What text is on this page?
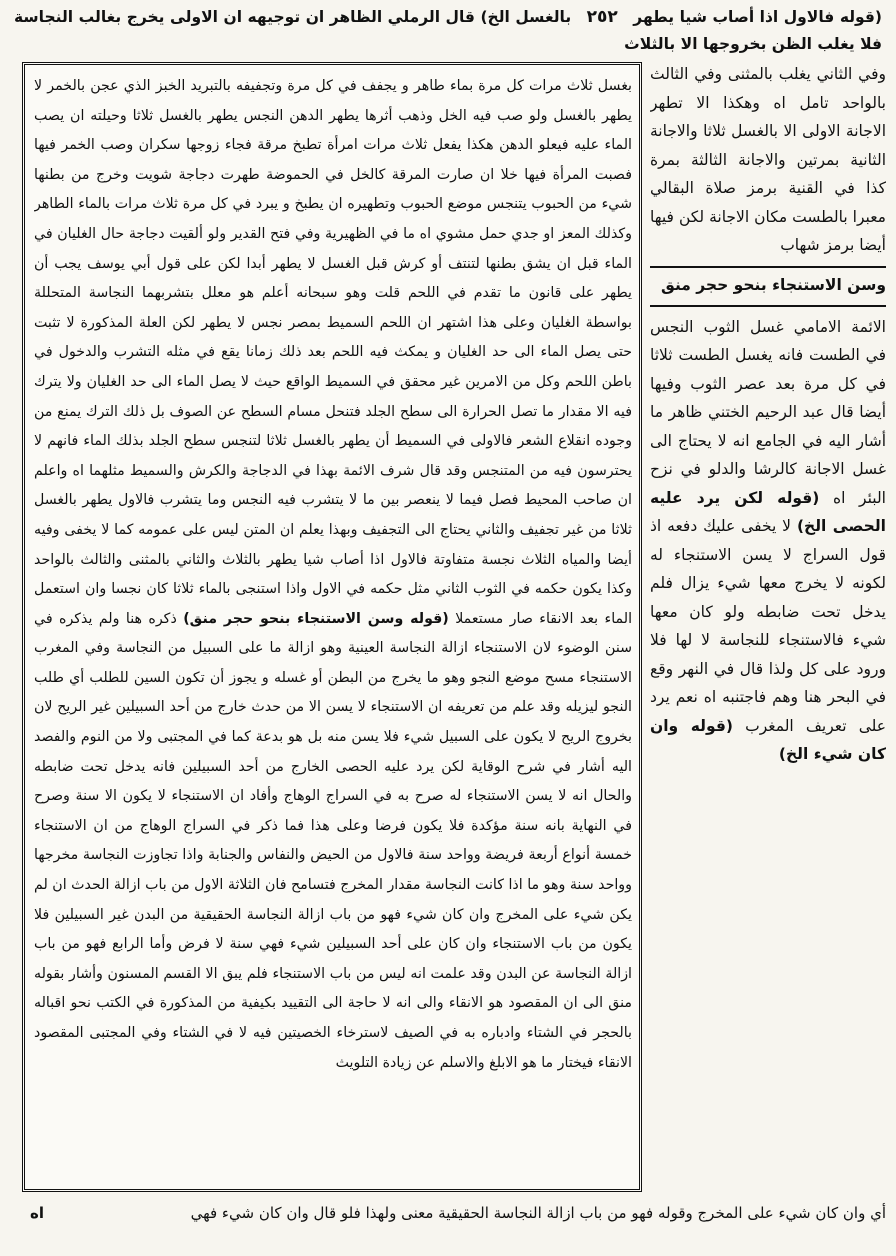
(قوله فالاول اذا أصاب شيا يطهر ٢٥٢ بالغسل الخ) قال الرملي الظاهر ان توجيهه ان الاولى يخرج بغالب النجاسة فلا يغلب الظن بخروجها الا بالثلاث

بغسل ثلاث مرات كل مرة بماء طاهر و يجفف في كل مرة وتجفيفه بالتبريد الخبز الذي عجن بالخمر لا يطهر بالغسل ولو صب فيه الخل وذهب أثرها يطهر الدهن النجس يطهر بالغسل ثلاثا وحيلته ان يصب الماء عليه فيعلو الدهن هكذا يفعل ثلاث مرات امرأة تطبخ مرقة فجاء زوجها سكران وصب الخمر فيها فصبت المرأة فيها خلا ان صارت المرقة كالخل في الحموضة طهرت دجاجة شويت وخرج من بطنها شيء من الحبوب يتنجس موضع الحبوب وتطهيره ان يطبخ و يبرد في كل مرة ثلاث مرات بالماء الطاهر وكذلك المعز او جدي حمل مشوي اه ما في الظهيرية وفي فتح القدير ولو ألقيت دجاجة حال الغليان في الماء قبل ان يشق بطنها لتنتف أو كرش قبل الغسل لا يطهر أبدا لكن على قول أبي يوسف يجب أن يطهر على قانون ما تقدم في اللحم قلت وهو سبحانه أعلم هو معلل بتشربهما النجاسة المتحللة بواسطة الغليان وعلى هذا اشتهر ان اللحم السميط بمصر نجس لا يطهر لكن العلة المذكورة لا تثبت حتى يصل الماء الى حد الغليان و يمكث فيه اللحم بعد ذلك زمانا يقع في مثله التشرب والدخول في باطن اللحم وكل من الامرين غير محقق في السميط الواقع حيث لا يصل الماء الى حد الغليان ولا يترك فيه الا مقدار ما تصل الحرارة الى سطح الجلد فتنحل مسام السطح عن الصوف بل ذلك الترك يمنع من وجوده انقلاع الشعر فالاولى في السميط أن يطهر بالغسل ثلاثا لتنجس سطح الجلد بذلك الماء فانهم لا يحترسون فيه من المتنجس وقد قال شرف الائمة بهذا في الدجاجة والكرش والسميط مثلهما اه واعلم ان صاحب المحيط فصل فيما لا ينعصر بين ما لا يتشرب فيه النجس وما يتشرب فالاول يطهر بالغسل ثلاثا من غير تجفيف والثاني يحتاج الى التجفيف وبهذا يعلم ان المتن ليس على عمومه كما لا يخفى وفيه أيضا والمياه الثلاث نجسة متفاوتة فالاول اذا أصاب شيا يطهر بالثلاث والثاني بالمثنى والثالث بالواحد وكذا يكون حكمه في الثوب الثاني مثل حكمه في الاول واذا استنجى بالماء ثلاثا كان نجسا وان استعمل الماء بعد الانقاء صار مستعملا (قوله وسن الاستنجاء بنحو حجر منق) ذكره هنا ولم يذكره في سنن الوضوء لان الاستنجاء ازالة النجاسة العينية وهو ازالة ما على السبيل من النجاسة وفي المغرب الاستنجاء مسح موضع النجو وهو ما يخرج من البطن أو غسله و يجوز أن تكون السين للطلب أي طلب النجو ليزيله وقد علم من تعريفه ان الاستنجاء لا يسن الا من حدث خارج من أحد السبيلين غير الريح لان بخروج الريح لا يكون على السبيل شيء فلا يسن منه بل هو بدعة كما في المجتبى ولا من النوم والفصد اليه أشار في شرح الوقاية لكن يرد عليه الحصى الخارج من أحد السبيلين فانه يدخل تحت ضابطه والحال انه لا يسن الاستنجاء له صرح به في السراج الوهاج وأفاد ان الاستنجاء لا يكون الا سنة وصرح في النهاية بانه سنة مؤكدة فلا يكون فرضا وعلى هذا فما ذكر في السراج الوهاج من ان الاستنجاء خمسة أنواع أربعة فريضة وواحد سنة فالاول من الحيض والنفاس والجنابة واذا تجاوزت النجاسة مخرجها وواحد سنة وهو ما اذا كانت النجاسة مقدار المخرج فتسامح فان الثلاثة الاول من باب ازالة الحدث ان لم يكن شيء على المخرج وان كان شيء فهو من باب ازالة النجاسة الحقيقية من البدن غير السبيلين فلا يكون من باب الاستنجاء وان كان على أحد السبيلين شيء فهي سنة لا فرض وأما الرابع فهو من باب ازالة النجاسة عن البدن وقد علمت انه ليس من باب الاستنجاء فلم يبق الا القسم المسنون وأشار بقوله منق الى ان المقصود هو الانقاء والى انه لا حاجة الى التقييد بكيفية من المذكورة في الكتب نحو اقباله بالحجر في الشتاء وادباره به في الصيف لاسترخاء الخصيتين فيه لا في الشتاء وفي المجتبى المقصود الانقاء فيختار ما هو الابلغ والاسلم عن زيادة التلويث

وفي الثاني يغلب بالمثنى وفي الثالث بالواحد تامل اه وهكذا الا تطهر الاجانة الاولى الا بالغسل ثلاثا والاجانة الثانية بمرتين والاجانة الثالثة بمرة كذا في القنية برمز صلاة البقالي معبرا بالطست مكان الاجانة لكن فيها أيضا برمز شهاب
وسن الاستنجاء بنحو حجر منق
الائمة الامامي غسل الثوب النجس في الطست فانه يغسل الطست ثلاثا في كل مرة بعد عصر الثوب وفيها أيضا قال عبد الرحيم الختني ظاهر ما أشار اليه في الجامع انه لا يحتاج الى غسل الاجانة كالرشا والدلو في نزح البئر اه (قوله لكن يرد عليه الحصى الخ) لا يخفى عليك دفعه اذ قول السراج لا يسن الاستنجاء له لكونه لا يخرج معها شيء يزال فلم يدخل تحت ضابطه ولو كان معها شيء فالاستنجاء للنجاسة لا لها فلا ورود على كل ولذا قال في النهر وقع في البحر هنا وهم فاجتنبه اه نعم يرد على تعريف المغرب (قوله وان كان شيء الخ)
أي وان كان شيء على المخرج وقوله فهو من باب ازالة النجاسة الحقيقية معنى ولهذا فلو قال وان كان شيء فهي
اه
